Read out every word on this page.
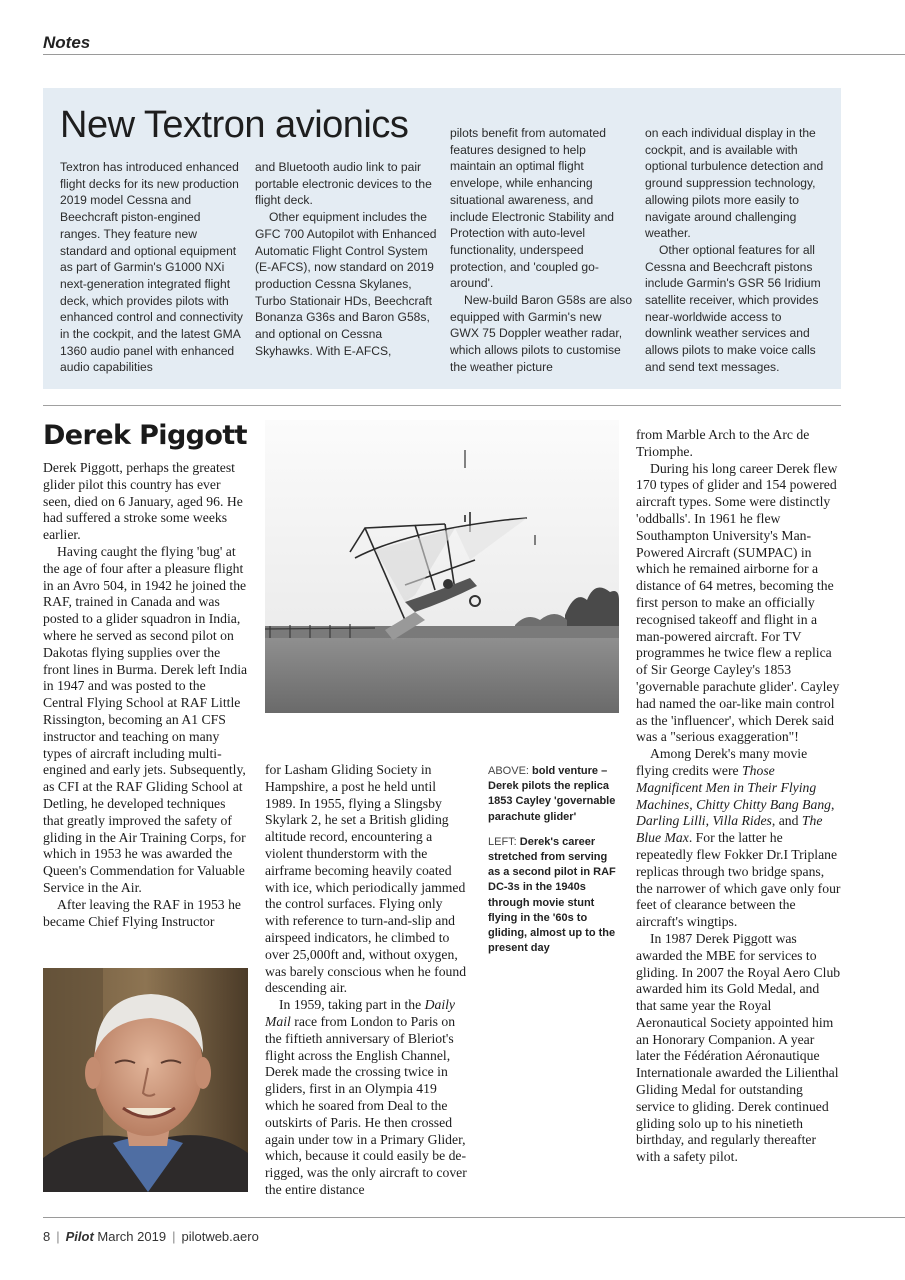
Notes
New Textron avionics

Textron has introduced enhanced flight decks for its new production 2019 model Cessna and Beechcraft piston-engined ranges. They feature new standard and optional equipment as part of Garmin's G1000 NXi next-generation integrated flight deck, which provides pilots with enhanced control and connectivity in the cockpit, and the latest GMA 1360 audio panel with enhanced audio capabilities

and Bluetooth audio link to pair portable electronic devices to the flight deck.

Other equipment includes the GFC 700 Autopilot with Enhanced Automatic Flight Control System (E-AFCS), now standard on 2019 production Cessna Skylanes, Turbo Stationair HDs, Beechcraft Bonanza G36s and Baron G58s, and optional on Cessna Skyhawks. With E-AFCS,

pilots benefit from automated features designed to help maintain an optimal flight envelope, while enhancing situational awareness, and include Electronic Stability and Protection with auto-level functionality, underspeed protection, and 'coupled go-around'.

New-build Baron G58s are also equipped with Garmin's new GWX 75 Doppler weather radar, which allows pilots to customise the weather picture

on each individual display in the cockpit, and is available with optional turbulence detection and ground suppression technology, allowing pilots more easily to navigate around challenging weather.

Other optional features for all Cessna and Beechcraft pistons include Garmin's GSR 56 Iridium satellite receiver, which provides near-worldwide access to downlink weather services and allows pilots to make voice calls and send text messages.

Derek Piggott

Derek Piggott, perhaps the greatest glider pilot this country has ever seen, died on 6 January, aged 96. He had suffered a stroke some weeks earlier.

Having caught the flying 'bug' at the age of four after a pleasure flight in an Avro 504, in 1942 he joined the RAF, trained in Canada and was posted to a glider squadron in India, where he served as second pilot on Dakotas flying supplies over the front lines in Burma. Derek left India in 1947 and was posted to the Central Flying School at RAF Little Rissington, becoming an A1 CFS instructor and teaching on many types of aircraft including multi-engined and early jets. Subsequently, as CFI at the RAF Gliding School at Detling, he developed techniques that greatly improved the safety of gliding in the Air Training Corps, for which in 1953 he was awarded the Queen's Commendation for Valuable Service in the Air.

After leaving the RAF in 1953 he became Chief Flying Instructor

for Lasham Gliding Society in Hampshire, a post he held until 1989. In 1955, flying a Slingsby Skylark 2, he set a British gliding altitude record, encountering a violent thunderstorm with the airframe becoming heavily coated with ice, which periodically jammed the control surfaces. Flying only with reference to turn-and-slip and airspeed indicators, he climbed to over 25,000ft and, without oxygen, was barely conscious when he found descending air.

In 1959, taking part in the Daily Mail race from London to Paris on the fiftieth anniversary of Bleriot's flight across the English Channel, Derek made the crossing twice in gliders, first in an Olympia 419 which he soared from Deal to the outskirts of Paris. He then crossed again under tow in a Primary Glider, which, because it could easily be de-rigged, was the only aircraft to cover the entire distance

ABOVE: bold venture – Derek pilots the replica 1853 Cayley 'governable parachute glider'

LEFT: Derek's career stretched from serving as a second pilot in RAF DC-3s in the 1940s through movie stunt flying in the '60s to gliding, almost up to the present day

from Marble Arch to the Arc de Triomphe.

During his long career Derek flew 170 types of glider and 154 powered aircraft types. Some were distinctly 'oddballs'. In 1961 he flew Southampton University's Man-Powered Aircraft (SUMPAC) in which he remained airborne for a distance of 64 metres, becoming the first person to make an officially recognised takeoff and flight in a man-powered aircraft. For TV programmes he twice flew a replica of Sir George Cayley's 1853 'governable parachute glider'. Cayley had named the oar-like main control as the 'influencer', which Derek said was a "serious exaggeration"!

Among Derek's many movie flying credits were Those Magnificent Men in Their Flying Machines, Chitty Chitty Bang Bang, Darling Lilli, Villa Rides, and The Blue Max. For the latter he repeatedly flew Fokker Dr.I Triplane replicas through two bridge spans, the narrower of which gave only four feet of clearance between the aircraft's wingtips.

In 1987 Derek Piggott was awarded the MBE for services to gliding. In 2007 the Royal Aero Club awarded him its Gold Medal, and that same year the Royal Aeronautical Society appointed him an Honorary Companion. A year later the Fédération Aéronautique Internationale awarded the Lilienthal Gliding Medal for outstanding service to gliding. Derek continued gliding solo up to his ninetieth birthday, and regularly thereafter with a safety pilot.

8 | Pilot March 2019 | pilotweb.aero
